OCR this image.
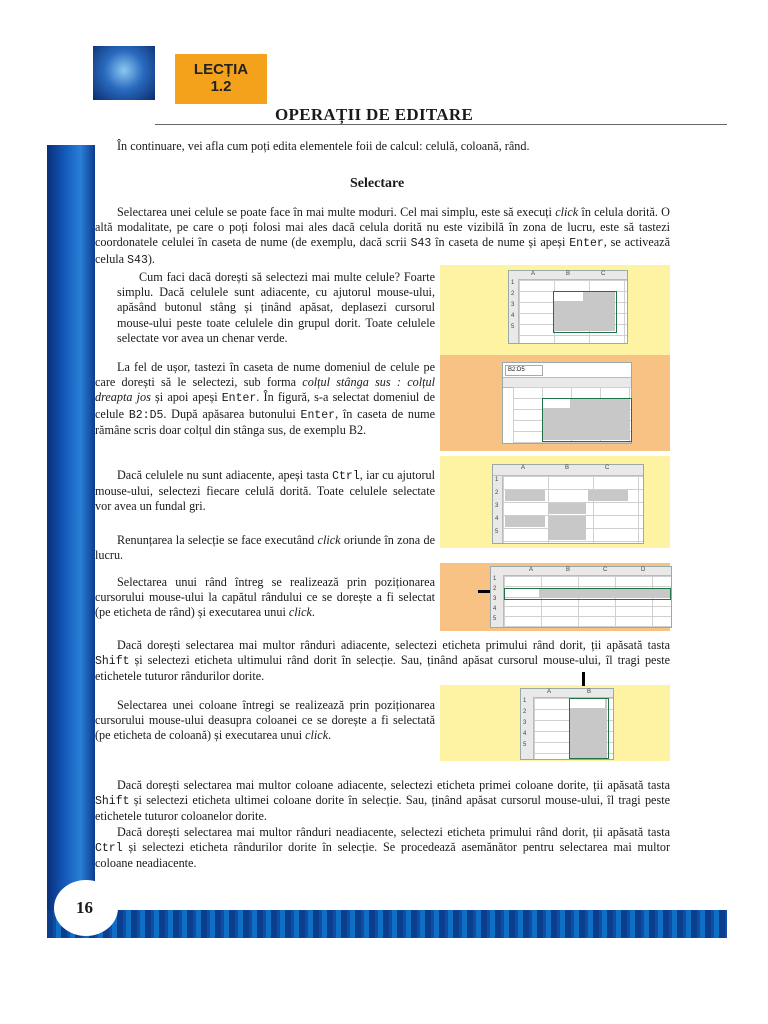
16
LECȚIA
1.2
OPERAȚII DE EDITARE

În continuare, vei afla cum poți edita elementele foii de calcul: celulă, coloană, rând.

Selectare

Selectarea unei celule se poate face în mai multe moduri. Cel mai simplu, este să execuți click în celula dorită. O altă modalitate, pe care o poți folosi mai ales dacă celula dorită nu este vizibilă în zona de lucru, este să tastezi coordonatele celulei în caseta de nume (de exemplu, dacă scrii S43 în caseta de nume și apeși Enter, se activează celula S43).

A	B	C
1
2
3
4
5

Cum faci dacă dorești să selectezi mai multe celule? Foarte simplu. Dacă celulele sunt adiacente, cu ajutorul mouse-ului, apăsând butonul stâng și ținând apăsat, deplasezi cursorul mouse-ului peste toate celulele din grupul dorit. Toate celulele selectate vor avea un chenar verde.

B2:D5

La fel de ușor, tastezi în caseta de nume domeniul de celule pe care dorești să le selectezi, sub forma colțul stânga sus : colțul dreapta jos și apoi apeși Enter. În figură, s-a selectat domeniul de celule B2:D5. După apăsarea butonului Enter, în caseta de nume rămâne scris doar colțul din stânga sus, de exemplu B2.

A	B	C
1
2
3
4
5

Dacă celulele nu sunt adiacente, apeși tasta Ctrl, iar cu ajutorul mouse-ului, selectezi fiecare celulă dorită. Toate celulele selectate vor avea un fundal gri.

Renunțarea la selecție se face executând click oriunde în zona de lucru.

A	B	C	D
1
2
3
4
5

Selectarea unui rând întreg se realizează prin poziționarea cursorului mouse-ului la capătul rândului ce se dorește a fi selectat (pe eticheta de rând) și executarea unui click.

Dacă dorești selectarea mai multor rânduri adiacente, selectezi eticheta primului rând dorit, ții apăsată tasta Shift și selectezi eticheta ultimului rând dorit în selecție. Sau, ținând apăsat cursorul mouse-ului, îl tragi peste etichetele tuturor rândurilor dorite.

A	B
1
2
3
4
5

Selectarea unei coloane întregi se realizează prin poziționarea cursorului mouse-ului deasupra coloanei ce se dorește a fi selectată (pe eticheta de coloană) și executarea unui click.

Dacă dorești selectarea mai multor coloane adiacente, selectezi eticheta primei coloane dorite, ții apăsată tasta Shift și selectezi eticheta ultimei coloane dorite în selecție. Sau, ținând apăsat cursorul mouse-ului, îl tragi peste etichetele tuturor coloanelor dorite.

Dacă dorești selectarea mai multor rânduri neadiacente, selectezi eticheta primului rând dorit, ții apăsată tasta Ctrl și selectezi eticheta rândurilor dorite în selecție. Se procedează asemănător pentru selectarea mai multor coloane neadiacente.
